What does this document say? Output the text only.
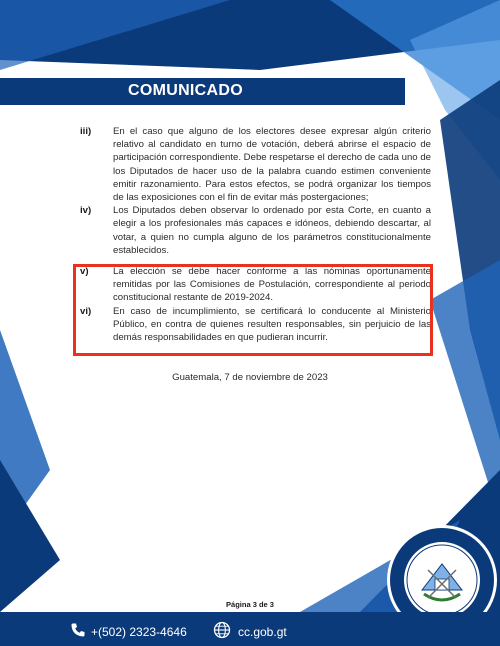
COMUNICADO
iii)	En el caso que alguno de los electores desee expresar algún criterio relativo al candidato en turno de votación, deberá abrirse el espacio de participación correspondiente. Debe respetarse el derecho de cada uno de los Diputados de hacer uso de la palabra cuando estimen conveniente emitir razonamiento. Para estos efectos, se podrá organizar los tiempos de las exposiciones con el fin de evitar más postergaciones;
iv)	Los Diputados deben observar lo ordenado por esta Corte, en cuanto a elegir a los profesionales más capaces e idóneos, debiendo descartar, al votar, a quien no cumpla alguno de los parámetros constitucionalmente establecidos.
v)	La elección se debe hacer conforme a las nóminas oportunamente remitidas por las Comisiones de Postulación, correspondiente al periodo constitucional restante de 2019-2024.
vi)	En caso de incumplimiento, se certificará lo conducente al Ministerio Público, en contra de quienes resulten responsables, sin perjuicio de las demás responsabilidades en que pudieran incurrir.
Guatemala, 7 de noviembre de 2023
Página 3 de 3
+(502) 2323-4646	cc.gob.gt
